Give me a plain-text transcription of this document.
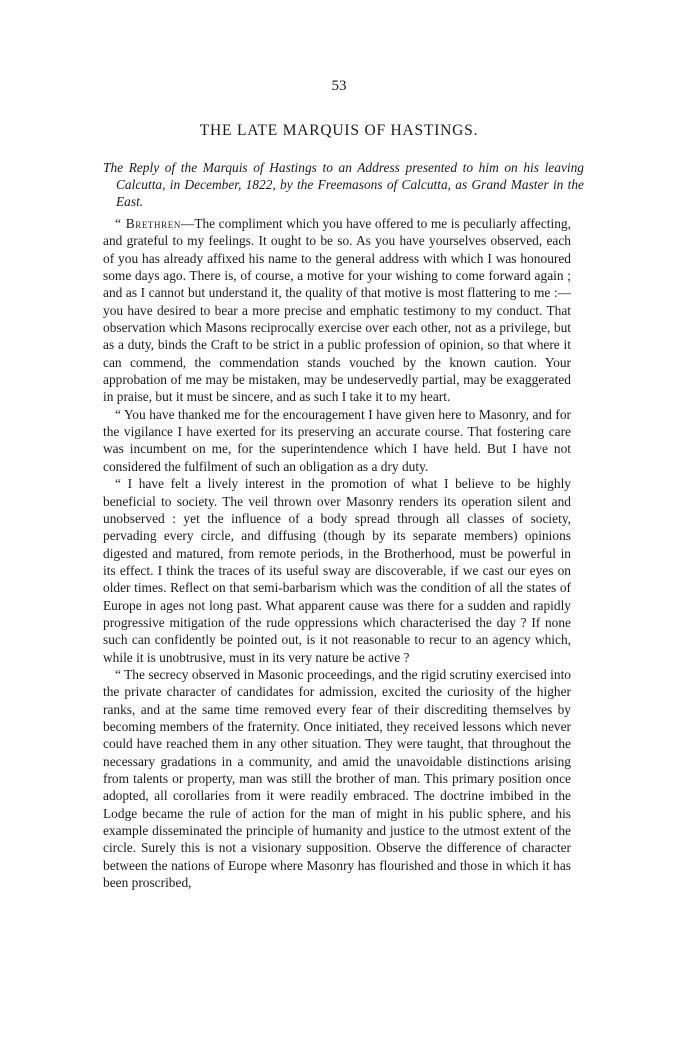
53
THE LATE MARQUIS OF HASTINGS.
The Reply of the Marquis of Hastings to an Address presented to him on his leaving Calcutta, in December, 1822, by the Freemasons of Calcutta, as Grand Master in the East.

“ Brethren—The compliment which you have offered to me is peculiarly affecting, and grateful to my feelings. It ought to be so. As you have yourselves observed, each of you has already affixed his name to the general address with which I was honoured some days ago. There is, of course, a motive for your wishing to come forward again ; and as I cannot but understand it, the quality of that motive is most flattering to me :—you have desired to bear a more precise and emphatic testimony to my conduct. That observation which Masons reciprocally exercise over each other, not as a privilege, but as a duty, binds the Craft to be strict in a public profession of opinion, so that where it can commend, the commendation stands vouched by the known caution. Your approbation of me may be mistaken, may be undeservedly partial, may be exaggerated in praise, but it must be sincere, and as such I take it to my heart.

“ You have thanked me for the encouragement I have given here to Masonry, and for the vigilance I have exerted for its preserving an accurate course. That fostering care was incumbent on me, for the superintendence which I have held. But I have not considered the fulfilment of such an obligation as a dry duty.

“ I have felt a lively interest in the promotion of what I believe to be highly beneficial to society. The veil thrown over Masonry renders its operation silent and unobserved : yet the influence of a body spread through all classes of society, pervading every circle, and diffusing (though by its separate members) opinions digested and matured, from remote periods, in the Brotherhood, must be powerful in its effect. I think the traces of its useful sway are discoverable, if we cast our eyes on older times. Reflect on that semi-barbarism which was the condition of all the states of Europe in ages not long past. What apparent cause was there for a sudden and rapidly progressive mitigation of the rude oppressions which characterised the day ? If none such can confidently be pointed out, is it not reasonable to recur to an agency which, while it is unobtrusive, must in its very nature be active ?

“ The secrecy observed in Masonic proceedings, and the rigid scrutiny exercised into the private character of candidates for admission, excited the curiosity of the higher ranks, and at the same time removed every fear of their discrediting themselves by becoming members of the fraternity. Once initiated, they received lessons which never could have reached them in any other situation. They were taught, that throughout the necessary gradations in a community, and amid the unavoidable distinctions arising from talents or property, man was still the brother of man. This primary position once adopted, all corollaries from it were readily embraced. The doctrine imbibed in the Lodge became the rule of action for the man of might in his public sphere, and his example disseminated the principle of humanity and justice to the utmost extent of the circle. Surely this is not a visionary supposition. Observe the difference of character between the nations of Europe where Masonry has flourished and those in which it has been proscribed,
